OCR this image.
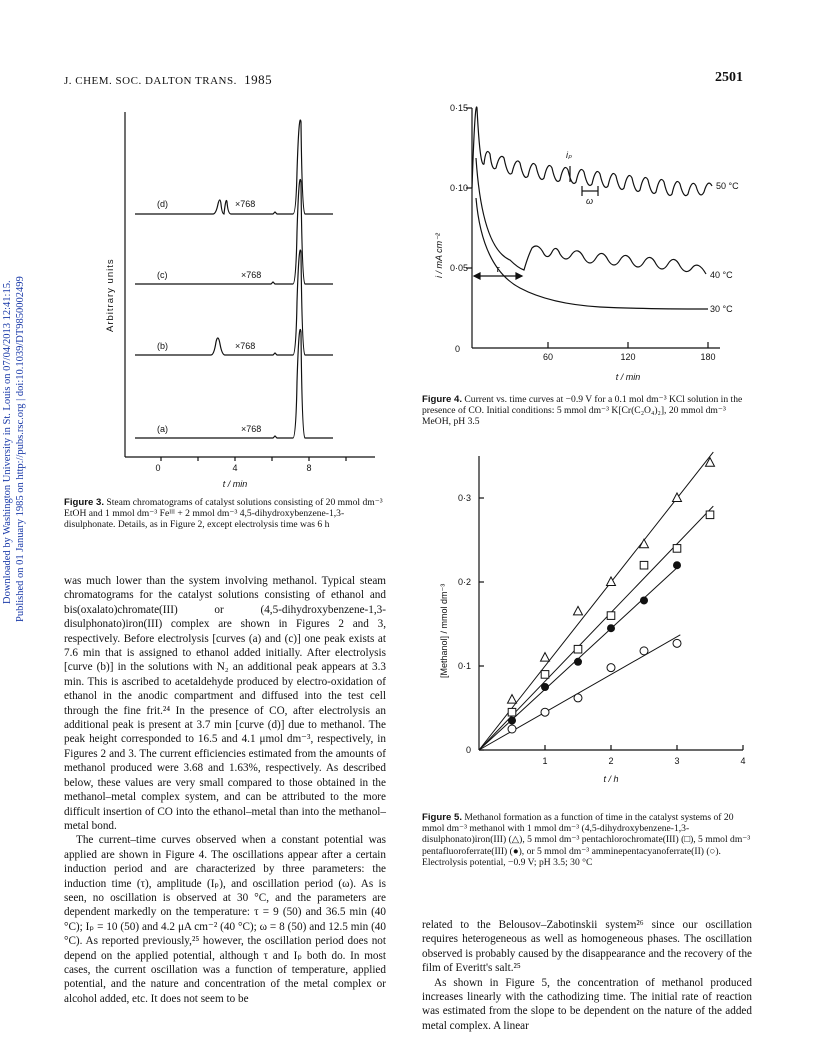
J. CHEM. SOC. DALTON TRANS. 1985	2501
Downloaded by Washington University in St. Louis on 07/04/2013 12:41:15. Published on 01 January 1985 on http://pubs.rsc.org | doi:10.1039/DT9850002499
(d)	×768
(c)	×768
(b)	×768
(a)	×768
0	4	8
t / min
Arbitrary units
Figure 3. Steam chromatograms of catalyst solutions consisting of 20 mmol dm⁻³ EtOH and 1 mmol dm⁻³ Feᴵᴵᴵ + 2 mmol dm⁻³ 4,5-dihydroxybenzene-1,3-disulphonate. Details, as in Figure 2, except electrolysis time was 6 h

was much lower than the system involving methanol. Typical steam chromatograms for the catalyst solutions consisting of ethanol and bis(oxalato)chromate(III) or (4,5-dihydroxybenzene-1,3-disulphonato)iron(III) complex are shown in Figures 2 and 3, respectively. Before electrolysis [curves (a) and (c)] one peak exists at 7.6 min that is assigned to ethanol added initially. After electrolysis [curve (b)] in the solutions with N₂ an additional peak appears at 3.3 min. This is ascribed to acetaldehyde produced by electro-oxidation of ethanol in the anodic compartment and diffused into the test cell through the fine frit.²⁴ In the presence of CO, after electrolysis an additional peak is present at 3.7 min [curve (d)] due to methanol. The peak height corresponded to 16.5 and 4.1 μmol dm⁻³, respectively, in Figures 2 and 3. The current efficiencies estimated from the amounts of methanol produced were 3.68 and 1.63%, respectively. As described below, these values are very small compared to those obtained in the methanol–metal complex system, and can be attributed to the more difficult insertion of CO into the ethanol–metal than into the methanol–metal bond.

The current–time curves observed when a constant potential was applied are shown in Figure 4. The oscillations appear after a certain induction period and are characterized by three parameters: the induction time (τ), amplitude (Iₚ), and oscillation period (ω). As is seen, no oscillation is observed at 30 °C, and the parameters are dependent markedly on the temperature: τ = 9 (50) and 36.5 min (40 °C); Iₚ = 10 (50) and 4.2 μA cm⁻² (40 °C); ω = 8 (50) and 12.5 min (40 °C). As reported previously,²⁵ however, the oscillation period does not depend on the applied potential, although τ and Iₚ both do. In most cases, the current oscillation was a function of temperature, applied potential, and the nature and concentration of the metal complex or alcohol added, etc. It does not seem to be

0
0·05
0·10
0·15
60	120	180
t / min
i / mA cm⁻²
50 °C
40 °C
30 °C
iₚ
ω
τ
Figure 4. Current vs. time curves at −0.9 V for a 0.1 mol dm⁻³ KCl solution in the presence of CO. Initial conditions: 5 mmol dm⁻³ K[Cr(C₂O₄)₂], 20 mmol dm⁻³ MeOH, pH 3.5
1	2	3	4
0
0·1
0·2
0·3
t / h
[Methanol] / mmol dm⁻³
Figure 5. Methanol formation as a function of time in the catalyst systems of 20 mmol dm⁻³ methanol with 1 mmol dm⁻³ (4,5-dihydroxybenzene-1,3-disulphonato)iron(III) (△), 5 mmol dm⁻³ pentachlorochromate(III) (□), 5 mmol dm⁻³ pentafluoroferrate(III) (●), or 5 mmol dm⁻³ amminepentacyanoferrate(II) (○). Electrolysis potential, −0.9 V; pH 3.5; 30 °C

related to the Belousov–Zabotinskii system²⁶ since our oscillation requires heterogeneous as well as homogeneous phases. The oscillation observed is probably caused by the disappearance and the recovery of the film of Everitt's salt.²⁵

As shown in Figure 5, the concentration of methanol produced increases linearly with the cathodizing time. The initial rate of reaction was estimated from the slope to be dependent on the nature of the added metal complex. A linear
